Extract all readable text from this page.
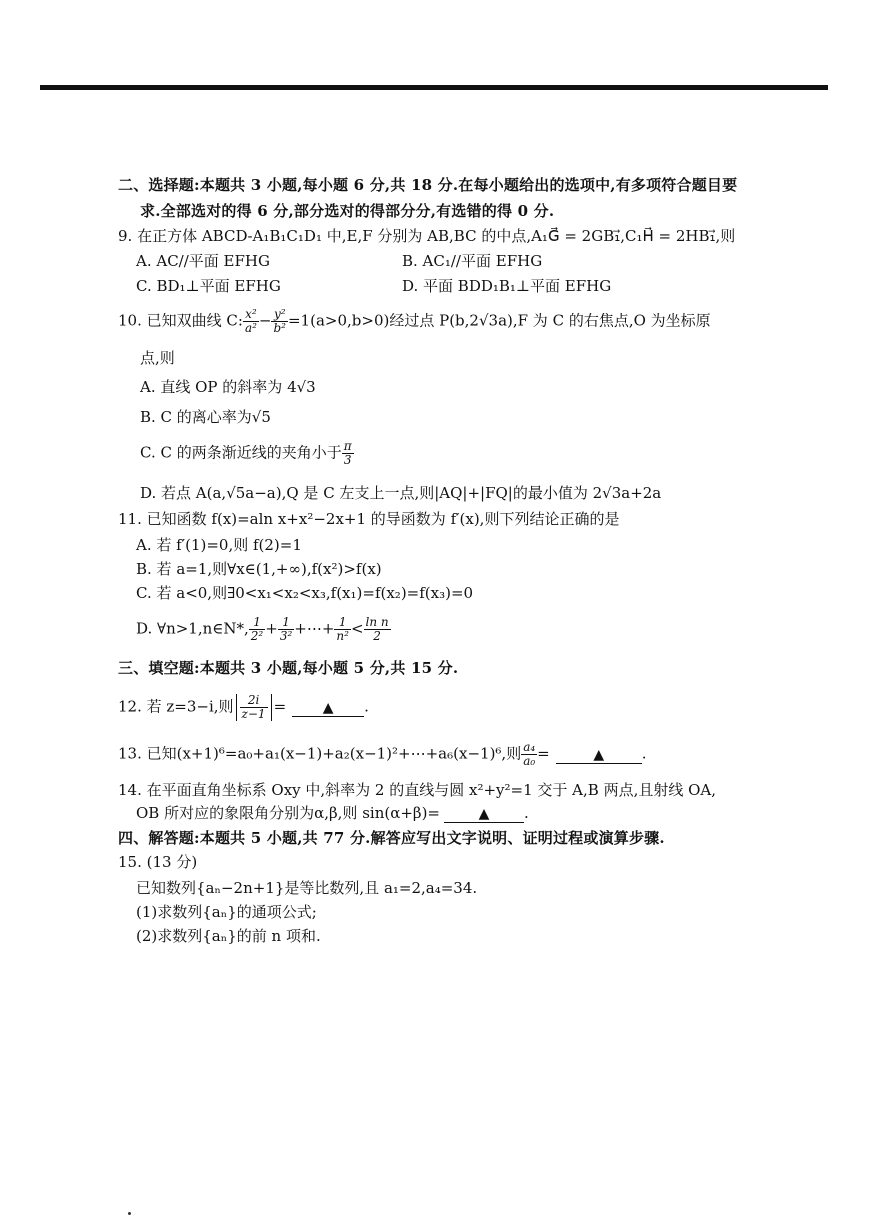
二、选择题:本题共 3 小题,每小题 6 分,共 18 分.在每小题给出的选项中,有多项符合题目要
求.全部选对的得 6 分,部分选对的得部分分,有选错的得 0 分.
9. 在正方体 ABCD‑A₁B₁C₁D₁ 中,E,F 分别为 AB,BC 的中点,A₁G⃗ = 2GB₁⃗,C₁H⃗ = 2HB₁⃗,则
A. AC//平面 EFHG	B. AC₁//平面 EFHG
C. BD₁⊥平面 EFHG	D. 平面 BDD₁B₁⊥平面 EFHG
10. 已知双曲线 C: $\frac{\text{x²}}{\text{a²}} - \frac{\text{y²}}{\text{b²}} =1(a>0,b>0)$经过点 P(b,2√3a),F 为 C 的右焦点,O 为坐标原
点,则
A. 直线 OP 的斜率为 4√3
B. C 的离心率为√5
C. C 的两条渐近线的夹角小于 $\frac{\pi}{3}$
D. 若点 A(a,√5a−a),Q 是 C 左支上一点,则|AQ|+|FQ|的最小值为 2√3a+2a
11. 已知函数 f(x)=aln x+x²−2x+1 的导函数为 f′(x),则下列结论正确的是
A. 若 f′(1)=0,则 f(2)=1
B. 若 a=1,则∀x∈(1,+∞),f(x²)>f(x)
C. 若 a<0,则∃0<x₁<x₂<x₃,f(x₁)=f(x₂)=f(x₃)=0
D. ∀n>1,n∈N*, $\frac{1}{\text{2²}} + \frac{1}{\text{3²}}$ +⋯+ $\frac{1}{\text{n²}} < \frac{\text{ln n}}{2}$
三、填空题:本题共 3 小题,每小题 5 分,共 15 分.
12. 若 z=3−i,则 $\frac{2i}{z-1}$ =	▲ .
13. 已知(x+1)⁶=a₀+a₁(x−1)+a₂(x−1)²+⋯+a₆(x−1)⁶,则 $\frac{\text{a₄}}{\text{a₀}}$ =	▲	.
14. 在平面直角坐标系 Oxy 中,斜率为 2 的直线与圆 x²+y²=1 交于 A,B 两点,且射线 OA,
OB 所对应的象限角分别为α,β,则 sin(α+β)=	▲ .
四、解答题:本题共 5 小题,共 77 分.解答应写出文字说明、证明过程或演算步骤.
15. (13 分)
已知数列{aₙ−2n+1}是等比数列,且 a₁=2,a₄=34.
(1)求数列{aₙ}的通项公式;
(2)求数列{aₙ}的前 n 项和.
